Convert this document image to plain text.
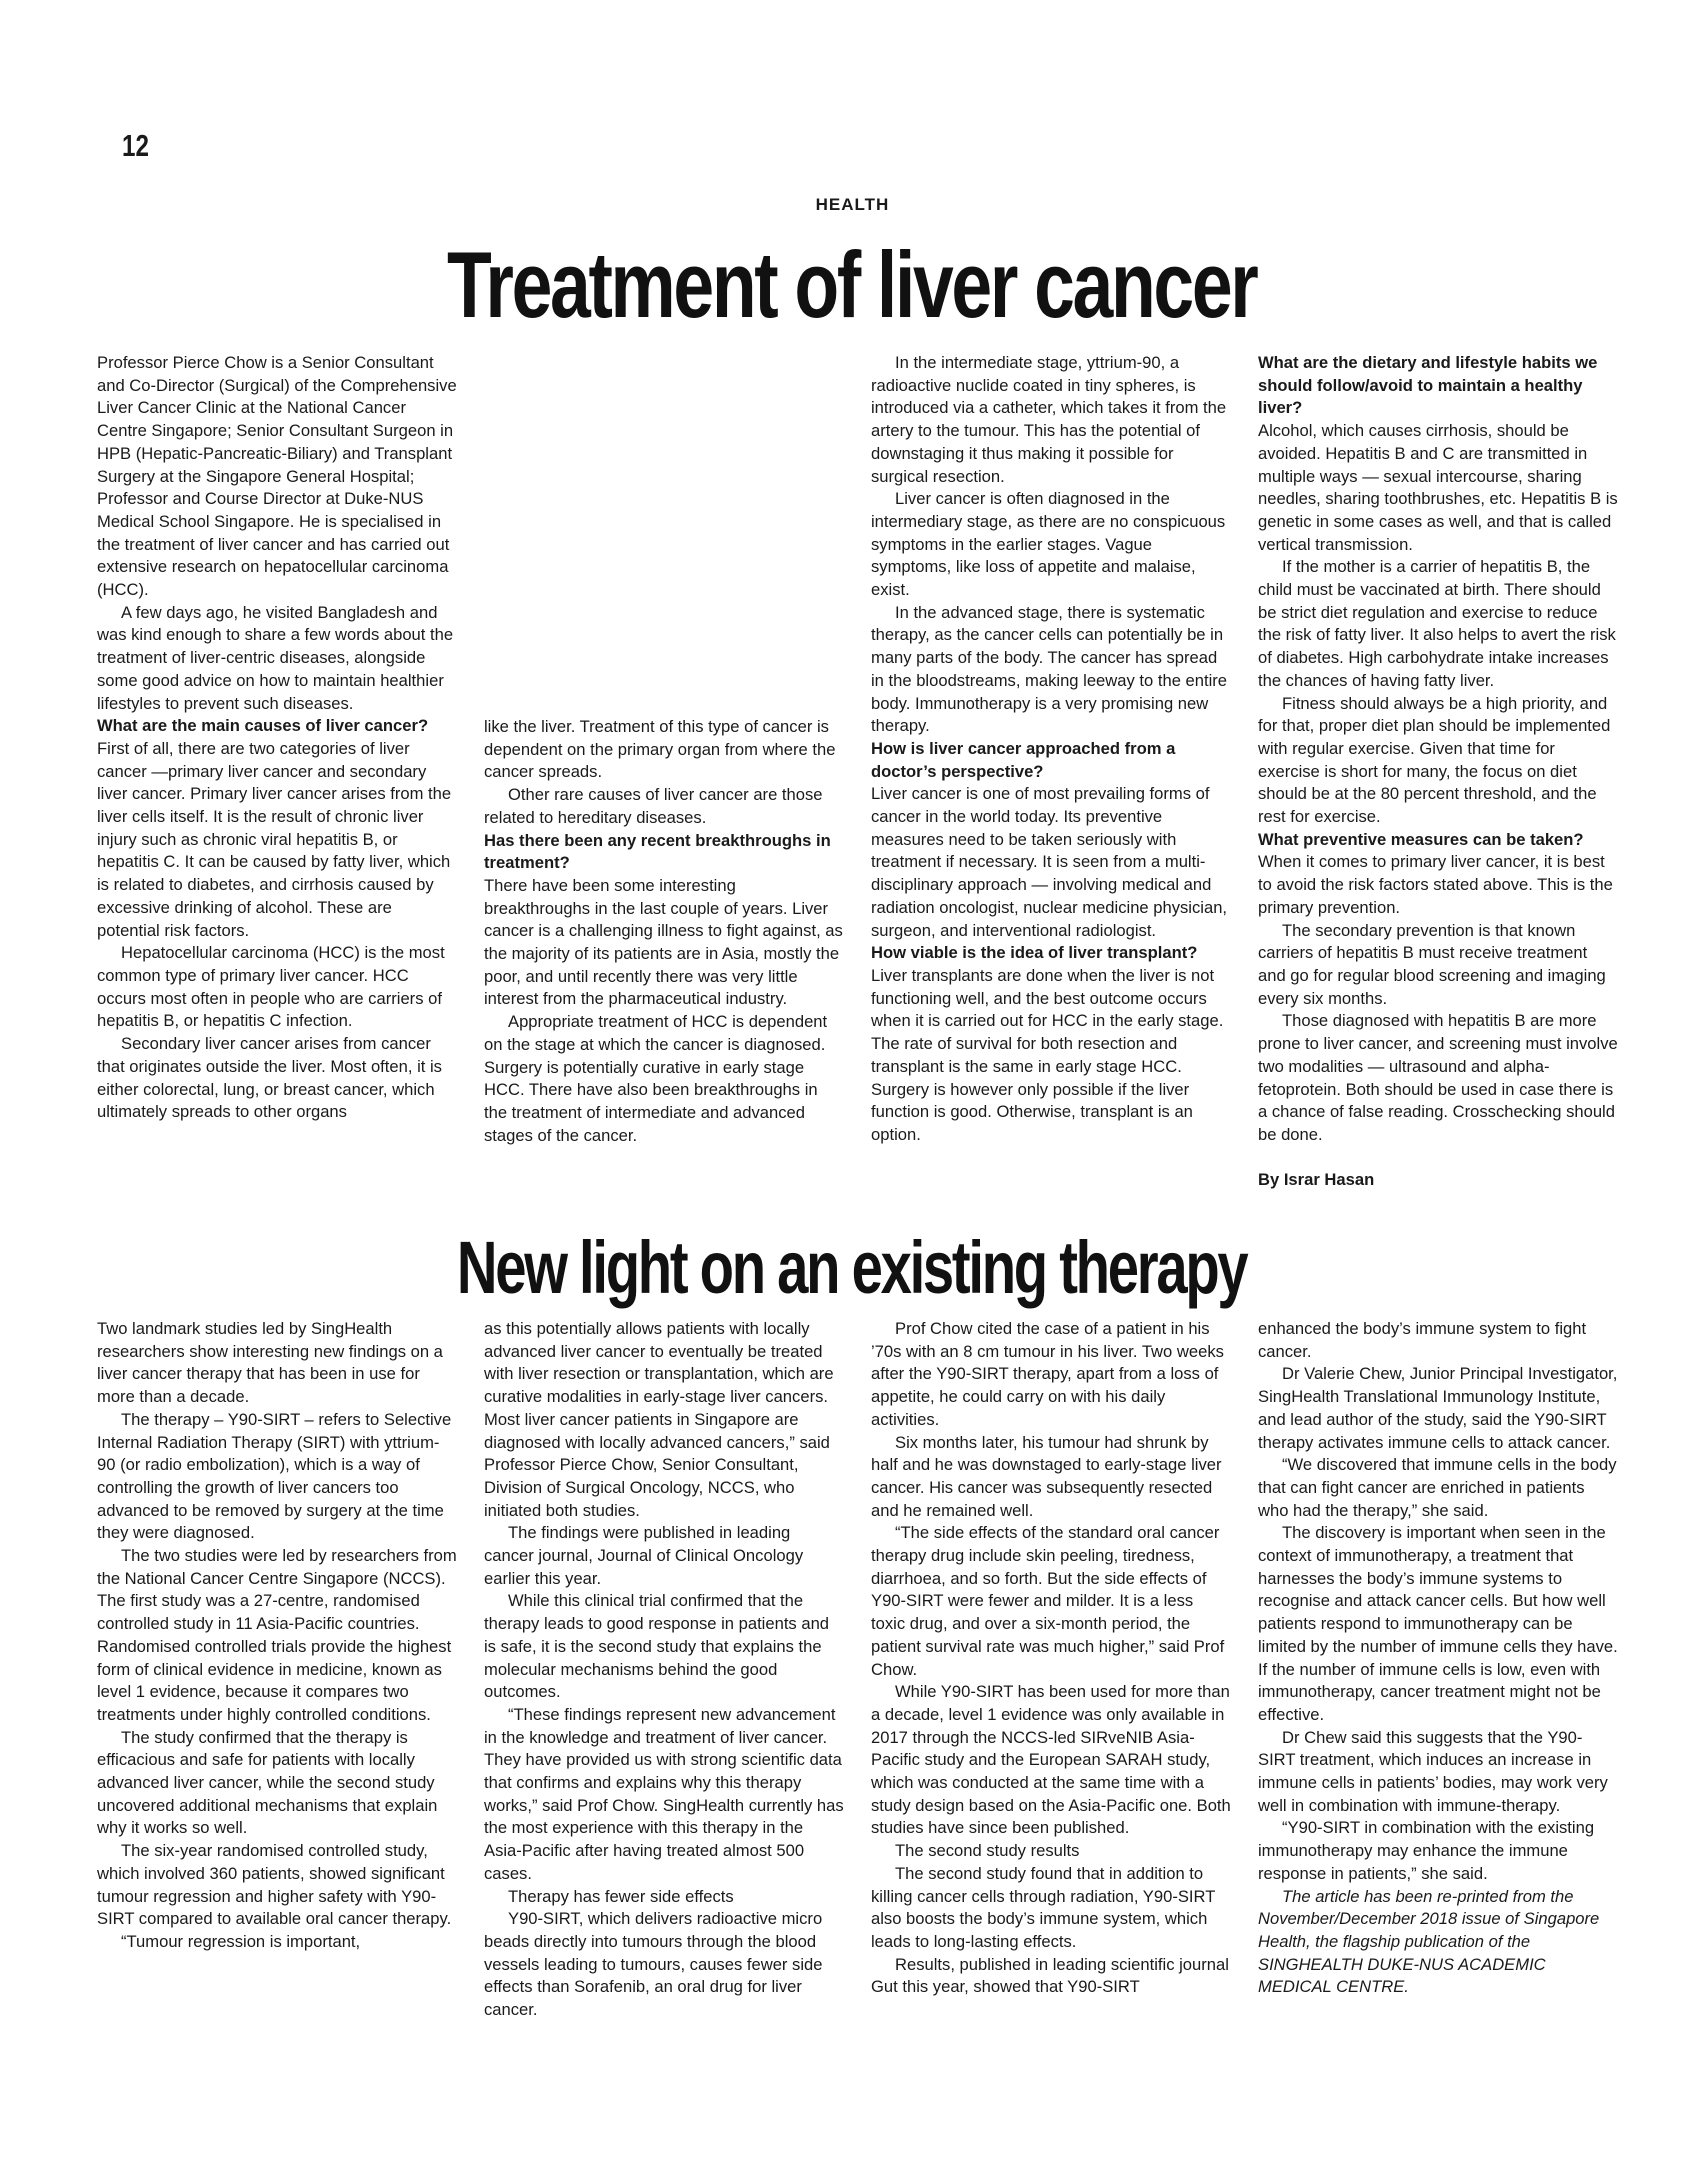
12
HEALTH
Treatment of liver cancer

Professor Pierce Chow is a Senior Consultant and Co-Director (Surgical) of the Comprehensive Liver Cancer Clinic at the National Cancer Centre Singapore; Senior Consultant Surgeon in HPB (Hepatic-Pancreatic-Biliary) and Transplant Surgery at the Singapore General Hospital; Professor and Course Director at Duke-NUS Medical School Singapore. He is specialised in the treatment of liver cancer and has carried out extensive research on hepatocellular carcinoma (HCC).

A few days ago, he visited Bangladesh and was kind enough to share a few words about the treatment of liver-centric diseases, alongside some good advice on how to maintain healthier lifestyles to prevent such diseases.

What are the main causes of liver cancer?

First of all, there are two categories of liver cancer —primary liver cancer and secondary liver cancer. Primary liver cancer arises from the liver cells itself. It is the result of chronic liver injury such as chronic viral hepatitis B, or hepatitis C. It can be caused by fatty liver, which is related to diabetes, and cirrhosis caused by excessive drinking of alcohol. These are potential risk factors.

Hepatocellular carcinoma (HCC) is the most common type of primary liver cancer. HCC occurs most often in people who are carriers of hepatitis B, or hepatitis C infection.

Secondary liver cancer arises from cancer that originates outside the liver. Most often, it is either colorectal, lung, or breast cancer, which ultimately spreads to other organs

like the liver. Treatment of this type of cancer is dependent on the primary organ from where the cancer spreads.

Other rare causes of liver cancer are those related to hereditary diseases.

Has there been any recent breakthroughs in treatment?

There have been some interesting breakthroughs in the last couple of years. Liver cancer is a challenging illness to fight against, as the majority of its patients are in Asia, mostly the poor, and until recently there was very little interest from the pharmaceutical industry.

Appropriate treatment of HCC is dependent on the stage at which the cancer is diagnosed. Surgery is potentially curative in early stage HCC. There have also been breakthroughs in the treatment of intermediate and advanced stages of the cancer.

In the intermediate stage, yttrium-90, a radioactive nuclide coated in tiny spheres, is introduced via a catheter, which takes it from the artery to the tumour. This has the potential of downstaging it thus making it possible for surgical resection.

Liver cancer is often diagnosed in the intermediary stage, as there are no conspicuous symptoms in the earlier stages. Vague symptoms, like loss of appetite and malaise, exist.

In the advanced stage, there is systematic therapy, as the cancer cells can potentially be in many parts of the body. The cancer has spread in the bloodstreams, making leeway to the entire body. Immunotherapy is a very promising new therapy.

How is liver cancer approached from a doctor’s perspective?

Liver cancer is one of most prevailing forms of cancer in the world today. Its preventive measures need to be taken seriously with treatment if necessary. It is seen from a multi-disciplinary approach — involving medical and radiation oncologist, nuclear medicine physician, surgeon, and interventional radiologist.

How viable is the idea of liver transplant?

Liver transplants are done when the liver is not functioning well, and the best outcome occurs when it is carried out for HCC in the early stage. The rate of survival for both resection and transplant is the same in early stage HCC. Surgery is however only possible if the liver function is good. Otherwise, transplant is an option.

What are the dietary and lifestyle habits we should follow/avoid to maintain a healthy liver?

Alcohol, which causes cirrhosis, should be avoided. Hepatitis B and C are transmitted in multiple ways — sexual intercourse, sharing needles, sharing toothbrushes, etc. Hepatitis B is genetic in some cases as well, and that is called vertical transmission.

If the mother is a carrier of hepatitis B, the child must be vaccinated at birth. There should be strict diet regulation and exercise to reduce the risk of fatty liver. It also helps to avert the risk of diabetes. High carbohydrate intake increases the chances of having fatty liver.

Fitness should always be a high priority, and for that, proper diet plan should be implemented with regular exercise. Given that time for exercise is short for many, the focus on diet should be at the 80 percent threshold, and the rest for exercise.

What preventive measures can be taken?

When it comes to primary liver cancer, it is best to avoid the risk factors stated above. This is the primary prevention.

The secondary prevention is that known carriers of hepatitis B must receive treatment and go for regular blood screening and imaging every six months.

Those diagnosed with hepatitis B are more prone to liver cancer, and screening must involve two modalities — ultrasound and alpha-fetoprotein. Both should be used in case there is a chance of false reading. Crosschecking should be done.

By Israr Hasan

New light on an existing therapy

Two landmark studies led by SingHealth researchers show interesting new findings on a liver cancer therapy that has been in use for more than a decade.

The therapy – Y90-SIRT – refers to Selective Internal Radiation Therapy (SIRT) with yttrium-90 (or radio embolization), which is a way of controlling the growth of liver cancers too advanced to be removed by surgery at the time they were diagnosed.

The two studies were led by researchers from the National Cancer Centre Singapore (NCCS). The first study was a 27-centre, randomised controlled study in 11 Asia-Pacific countries. Randomised controlled trials provide the highest form of clinical evidence in medicine, known as level 1 evidence, because it compares two treatments under highly controlled conditions.

The study confirmed that the therapy is efficacious and safe for patients with locally advanced liver cancer, while the second study uncovered additional mechanisms that explain why it works so well.

The six-year randomised controlled study, which involved 360 patients, showed significant tumour regression and higher safety with Y90-SIRT compared to available oral cancer therapy.

“Tumour regression is important,

as this potentially allows patients with locally advanced liver cancer to eventually be treated with liver resection or transplantation, which are curative modalities in early-stage liver cancers. Most liver cancer patients in Singapore are diagnosed with locally advanced cancers,” said Professor Pierce Chow, Senior Consultant, Division of Surgical Oncology, NCCS, who initiated both studies.

The findings were published in leading cancer journal, Journal of Clinical Oncology earlier this year.

While this clinical trial confirmed that the therapy leads to good response in patients and is safe, it is the second study that explains the molecular mechanisms behind the good outcomes.

“These findings represent new advancement in the knowledge and treatment of liver cancer. They have provided us with strong scientific data that confirms and explains why this therapy works,” said Prof Chow. SingHealth currently has the most experience with this therapy in the Asia-Pacific after having treated almost 500 cases.

Therapy has fewer side effects

Y90-SIRT, which delivers radioactive micro beads directly into tumours through the blood vessels leading to tumours, causes fewer side effects than Sorafenib, an oral drug for liver cancer.

Prof Chow cited the case of a patient in his ’70s with an 8 cm tumour in his liver. Two weeks after the Y90-SIRT therapy, apart from a loss of appetite, he could carry on with his daily activities.

Six months later, his tumour had shrunk by half and he was downstaged to early-stage liver cancer. His cancer was subsequently resected and he remained well.

“The side effects of the standard oral cancer therapy drug include skin peeling, tiredness, diarrhoea, and so forth. But the side effects of Y90-SIRT were fewer and milder. It is a less toxic drug, and over a six-month period, the patient survival rate was much higher,” said Prof Chow.

While Y90-SIRT has been used for more than a decade, level 1 evidence was only available in 2017 through the NCCS-led SIRveNIB Asia-Pacific study and the European SARAH study, which was conducted at the same time with a study design based on the Asia-Pacific one. Both studies have since been published.

The second study results

The second study found that in addition to killing cancer cells through radiation, Y90-SIRT also boosts the body’s immune system, which leads to long-lasting effects.

Results, published in leading scientific journal Gut this year, showed that Y90-SIRT

enhanced the body’s immune system to fight cancer.

Dr Valerie Chew, Junior Principal Investigator, SingHealth Translational Immunology Institute, and lead author of the study, said the Y90-SIRT therapy activates immune cells to attack cancer.

“We discovered that immune cells in the body that can fight cancer are enriched in patients who had the therapy,” she said.

The discovery is important when seen in the context of immunotherapy, a treatment that harnesses the body’s immune systems to recognise and attack cancer cells. But how well patients respond to immunotherapy can be limited by the number of immune cells they have. If the number of immune cells is low, even with immunotherapy, cancer treatment might not be effective.

Dr Chew said this suggests that the Y90-SIRT treatment, which induces an increase in immune cells in patients’ bodies, may work very well in combination with immune-therapy.

“Y90-SIRT in combination with the existing immunotherapy may enhance the immune response in patients,” she said.

The article has been re-printed from the November/December 2018 issue of Singapore Health, the flagship publication of the SINGHEALTH DUKE-NUS ACADEMIC MEDICAL CENTRE.
